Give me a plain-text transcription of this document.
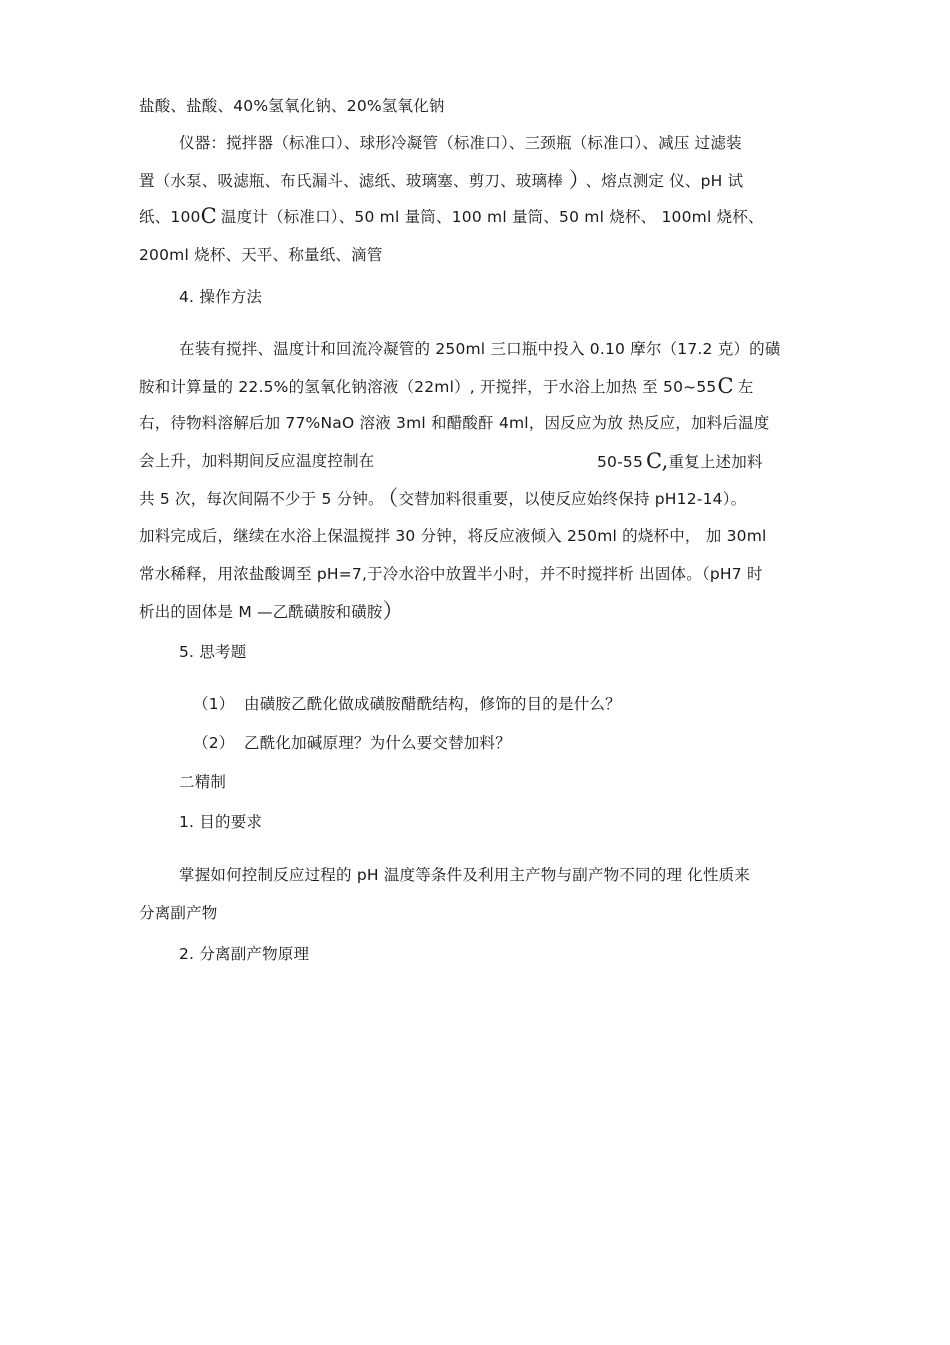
盐酸、盐酸、40%氢氧化钠、20%氢氧化钠
仪器：搅拌器（标准口）、球形冷凝管（标准口）、三颈瓶（标准口）、减压 过滤装
置（水泵、吸滤瓶、布氏漏斗、滤纸、玻璃塞、剪刀、玻璃棒 ） 、熔点测定 仪、pH 试
纸、100C 温度计（标准口）、50 ml 量筒、100 ml 量筒、50 ml 烧杯、 100ml 烧杯、
200ml 烧杯、天平、称量纸、滴管
4. 操作方法
在装有搅拌、温度计和回流冷凝管的 250ml 三口瓶中投入 0.10 摩尔（17.2 克）的磺
胺和计算量的 22.5%的氢氧化钠溶液（22ml）, 开搅拌，于水浴上加热 至 50~55C 左
右，待物料溶解后加 77%NaO 溶液 3ml 和醋酸酐 4ml，因反应为放 热反应，加料后温度
会上升，加料期间反应温度控制在	50-55 C,重复上述加料
共 5 次，每次间隔不少于 5 分钟。 （交替加料很重要，以使反应始终保持 pH12-14）。
加料完成后，继续在水浴上保温搅拌 30 分钟，将反应液倾入 250ml 的烧杯中， 加 30ml
常水稀释，用浓盐酸调至 pH=7,于冷水浴中放置半小时，并不时搅拌析 出固体。（pH7 时
析出的固体是 M —乙酰磺胺和磺胺）
5. 思考题
（1） 由磺胺乙酰化做成磺胺醋酰结构，修饰的目的是什么？
（2） 乙酰化加碱原理？为什么要交替加料？
二精制
1. 目的要求
掌握如何控制反应过程的 pH 温度等条件及利用主产物与副产物不同的理 化性质来
分离副产物
2. 分离副产物原理
